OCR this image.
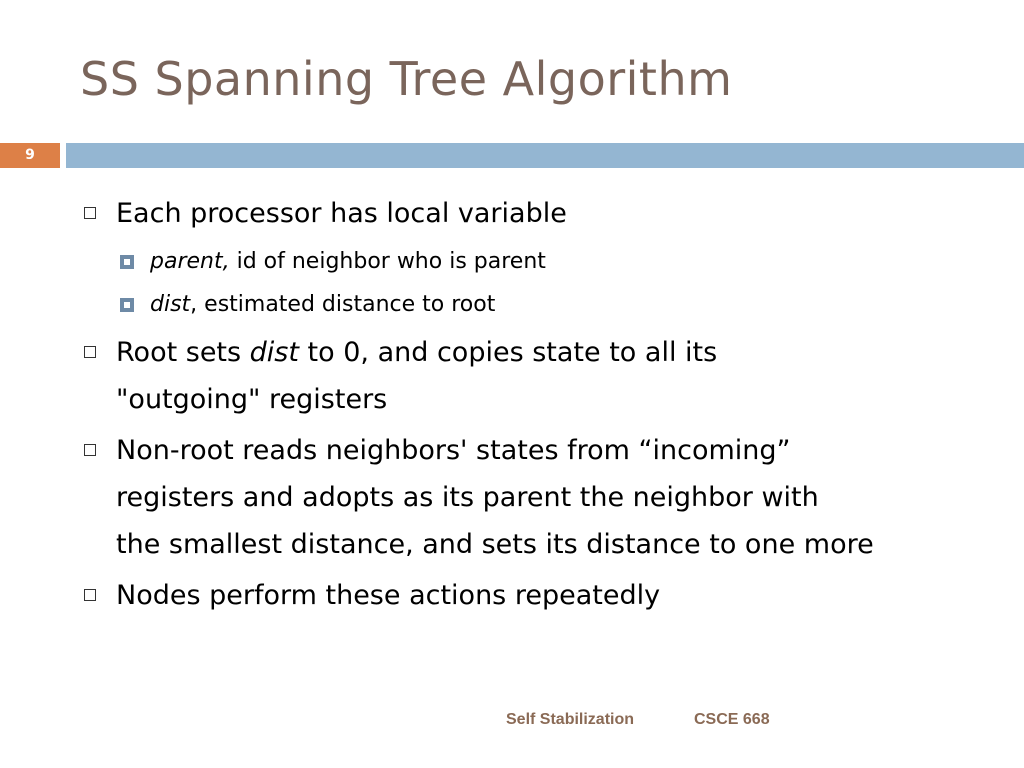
SS Spanning Tree Algorithm
9
Each processor has local variable
parent, id of neighbor who is parent
dist, estimated distance to root
Root sets dist to 0, and copies state to all its
"outgoing" registers
Non-root reads neighbors' states from “incoming”
registers and adopts as its parent the neighbor with
the smallest distance, and sets its distance to one more
Nodes perform these actions repeatedly
Self Stabilization	CSCE 668
